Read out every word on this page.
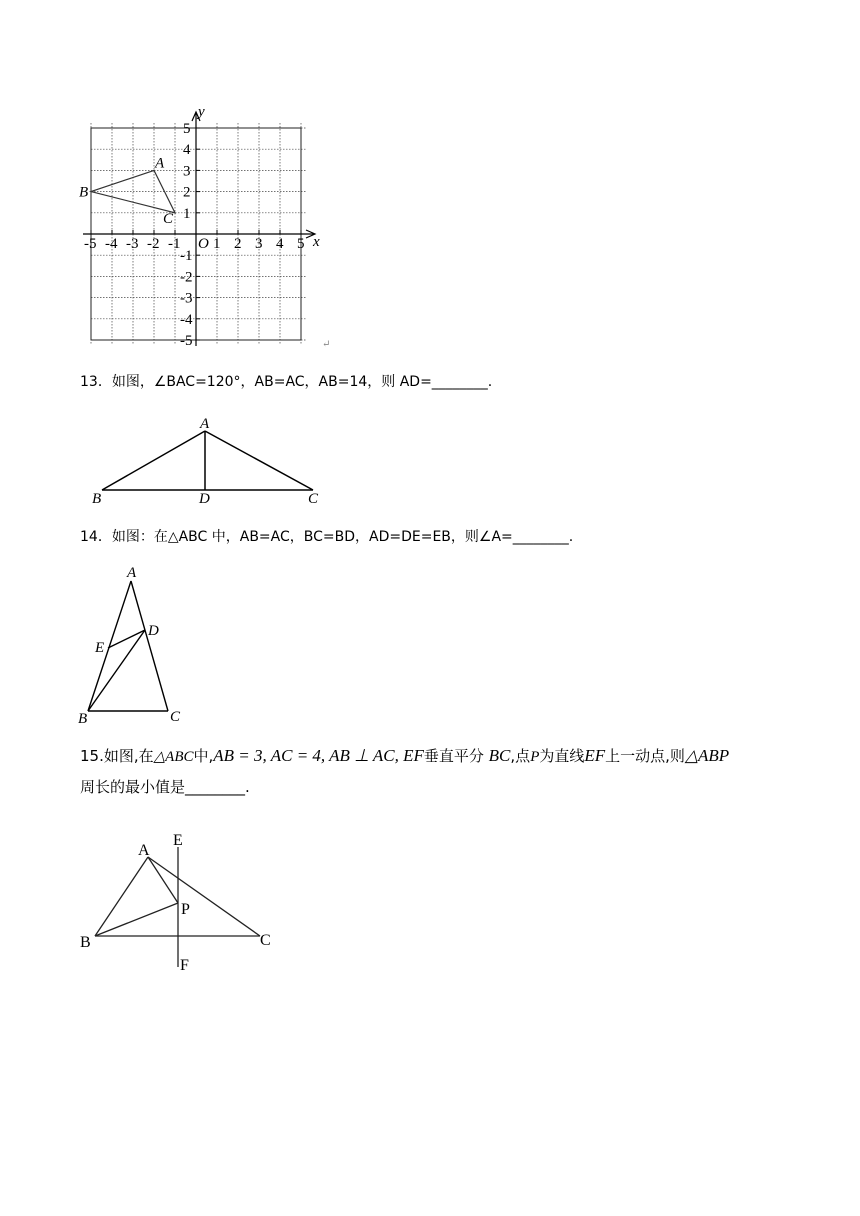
-5 -4 -3 -2 -1 1 2 3 4 5
5
4
3
2
1
-1
-2
-3
-4
-5
x
y
O
A
B
C
↵
13．如图，∠BAC=120°，AB=AC，AB=14，则 AD=________.
A
B	D	C
14．如图：在△ABC 中，AB=AC，BC=BD，AD=DE=EB，则∠A=________.
A
E
D
B	C
15.如图,在△ABC中,AB = 3, AC = 4, AB ⊥ AC, EF垂直平分 BC,点P为直线EF上一动点,则△ABP
周长的最小值是________.
A
E
P
B	C
F
